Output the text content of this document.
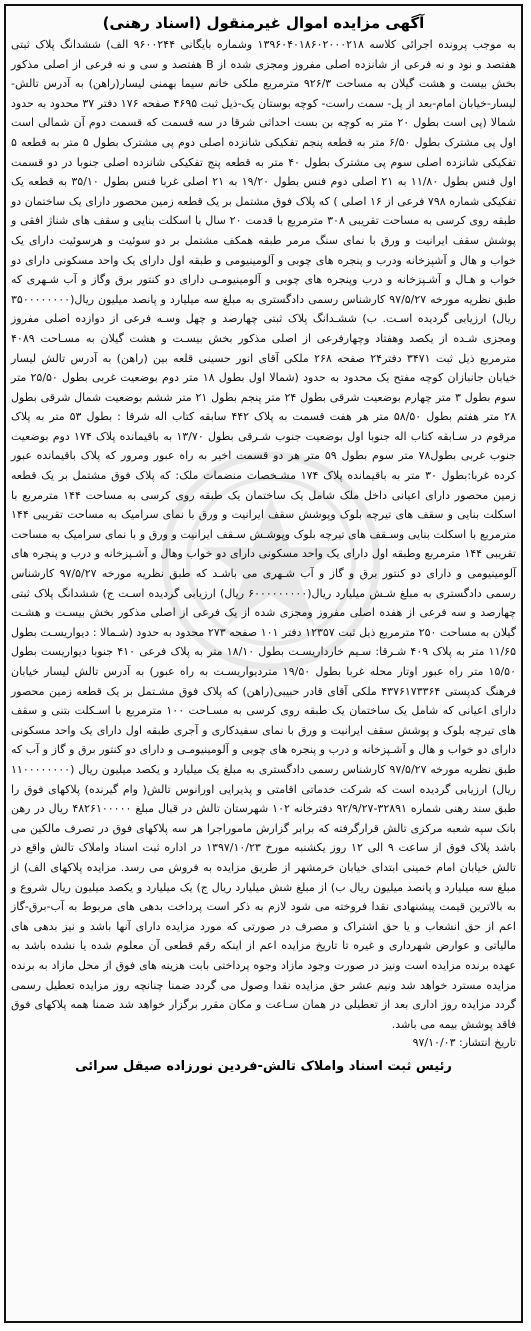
آگهی مزایده اموال غیرمنقول (اسناد رهنی)

به موجب پرونده اجرائی کلاسه ۱۳۹۶۰۴۰۱۸۶۰۲۰۰۰۲۱۸ وشماره بایگانی ۹۶۰۰۲۴۴ الف) ششدانگ پلاک ثبتی هفتصد و نود و نه فرعی از شانزده اصلی مفروز ومجزی شده از B هفتصد و سی و نه فرعی از اصلی مذکور بخش بیست و هشت گیلان به مساحت ۹۲۶/۳ مترمربع ملکی خانم سیما بهمنی لیسار(راهن) به آدرس تالش-لیسار-خیابان امام-بعد از پل- سمت راست- کوچه بوستان یک-ذیل ثبت ۴۶۹۵ صفحه ۱۷۶ دفتر ۳۷ محدود به حدود شمالا (پی است بطول ۲۰ متر به کوچه بن بست احداثی شرقا در سه قسمت که قسمت دوم آن شمالی است اول پی مشترک بطول ۶/۵۰ متر به قطعه پنجم تفکیکی شانزده اصلی دوم پی مشترک بطول ۵ متر به قطعه ۵ تفکیکی شانزده اصلی سوم پی مشترک بطول ۴۰ متر به قطعه پنج تفکیکی شانزده اصلی جنوبا در دو قسمت اول فنس بطول ۱۱/۸۰ به ۲۱ اصلی دوم فنس بطول ۱۹/۲۰ به ۲۱ اصلی غربا فنس بطول ۳۵/۱۰ به قطعه یک تفکیکی شماره ۷۹۸ فرعی از ۱۶ اصلی ) که پلاک فوق مشتمل بر یک قطعه زمین محصور دارای یک ساختمان دو طبقه روی کرسی به مساحت تقریبی ۳۰۸ مترمربع با قدمت ۲۰ سال با اسکلت بنایی و سقف های شناژ افقی و پوشش سقف ایرانیت و ورق با نمای سنگ مرمر طبقه همکف مشتمل بر دو سوئیت و هرسوئیت دارای یک خواب و هال و آشپزخانه ودرب و پنجره های چوبی و آلومینیومی و طبقه اول دارای یک واحد مسکونی دارای دو خواب و هـال و آشـپزخانه و درب وپنجره های چوبی و آلومینیومـی دارای دو کنتور برق وگاز و آب شـهری که طبق نظریه مورخه ۹۷/۵/۲۷ کارشناس رسمی دادگستری به مبلغ سه میلیارد و پانصد میلیون ریال(۳۵۰۰۰۰۰۰۰۰ ریال) ارزیابی گردیده اسـت. ب) ششـدانگ پلاک ثبتی چهارصد و چهل وسـه فرعی از دوازده اصلی مفروز ومجزی شـده از یکصد وهفتاد وچهارفرعی از اصلی مذکور بخش بیسـت و هشت گیلان به مسـاحت ۴۰۸۹ مترمربع ذیل ثبت ۳۴۷۱ دفتر۲۴ صفحه ۲۶۸ ملکی آقای انور حسینی قلعه بین (راهن) به آدرس تالش لیسار خیابان جانبازان کوچه مفتح یک محدود به حدود (شمالا اول بطول ۱۸ متر دوم بوضعیت غربی بطول ۲۵/۵۰ متر سوم بطول ۳ متر چهارم بوضعیت شرقی بطول ۲۴ متر پنجم بطول ۲۱ متر ششم بوضعیت شمال شرقی بطول ۲۸ متر هفتم بطول ۵۸/۵۰ متر هر هفت قسمت به پلاک ۴۴۲ سابقه کتاب اله شرقا : بطول ۵۳ متر به پلاک مرقوم در سـابقه کتاب اله جنوبا اول بوضعیت جنوب شـرقی بطول ۱۳/۷۰ به باقیمانده پلاک ۱۷۴ دوم بوضعیت جنوب غربی بطول۷۸ متر سوم بطول ۵۹ متر هر دو قسمت اخیر به راه عبور ومرور که پلاک باقیمانده عبور کرده غربا:بطول ۳۰ متر به باقیمانده پلاک ۱۷۴ مشـخصات منضمات ملک: که پلاک فوق مشتمل بر یک قطعه زمین محصور دارای اعیانی داخل ملک شامل یک ساختمان یک طبقه روی کرسی به مساحت ۱۴۴ مترمربع با اسکلت بنایی و سقف های تیرچه بلوک وپوشش سقف ایرانیت و ورق با نمای سرامیک به مساحت تقریبی ۱۴۴ مترمربع با اسکلت بنایی وسـقف های تیرچه بلوک وپوشـش سـقف ایرانیت و ورق و با نمای سرامیک به مساحت تقریبی ۱۴۴ مترمربع وطبقه اول دارای یک واحد مسکونی دارای دو خواب وهال و آشـپزخانه و درب و پنجره های آلومینیومی و دارای دو کنتور برق و گاز و آب شـهری می باشـد که طبق نظریه مورخه ۹۷/۵/۲۷ کارشناس رسمی دادگستری به مبلغ شـش میلیارد ریال(۶۰۰۰۰۰۰۰۰۰ ریال) ارزیابی گردیده اسـت ج) ششدانگ پلاک ثبتی چهارصد و سه فرعی از هفده اصلی مفروز ومجزی شده از یک فرعی از اصلی مذکور بخش بیسـت و هشـت گیلان به مساحت ۲۵۰ مترمربع ذیل ثبت ۱۲۳۵۷ دفتر ۱۰۱ صفحه ۲۷۳ محدود به حدود (شـمالا : دیواریسـت بطول ۱۱/۶۵ متر به پلاک ۴۰۹ شـرقا: سـیم خارداریسـت بطول ۱۸/۱۰ متر به پلاک فرعی ۴۱۰ جنوبا دیواریست بطول ۱۵/۵۰ متر راه عبور اوتار محله غربا بطول ۱۹/۵۰ متردیواریسـت به راه عبور) به آدرس تالش لیسار خیابان فرهنگ کدپستی ۴۳۷۶۱۷۳۳۶۴ ملکی آقای قادر حبیبی(راهن) که پلاک فوق مشـتمل بر یک قطعه زمین محصور دارای اعیانی که شامل یک ساختمان یک طبقه روی کرسی به مسـاحت ۱۰۰ مترمربع با اسـکلت بتنی و سقف های تیرچه بلوک و پوشش سقف ایرانیت و ورق با نمای سفیدکاری و آجری طبقه اول دارای یک واحد مسکونی دارای دو خواب و هال و آشـپزخانه و درب و پنجره های چوبی و آلومینیومـی و دارای دو کنتور برق و گاز و آب که طبق نظریه مورخه ۹۷/۵/۲۷ کارشناس رسمی دادگستری به مبلغ یک میلیارد و یکصد میلیون ریال (۱۱۰۰۰۰۰۰۰۰ ریال) ارزیابی گردیده است که شرکت خدماتی اقامتی و پذیرایی اورانوس تالش( وام گیرنده) پلاکهای فوق را طبق سند رهنی شماره ۳۲۸۹۱-۹۲/۹/۲۷ دفترخانه ۱۰۲ شهرستان تالش در قبال مبلغ ۴۸۲۶۱۰۰۰۰۰ ریال در رهن بانک سپه شعبه مرکزی تالش قرارگرفته که برابر گزارش ماموراجرا هر سه پلاکهای فوق در تصرف مالکین می باشد پلاک فوق از ساعت ۹ الی ۱۲ روز یکشنبه مورخ ۱۳۹۷/۱۰/۲۳ در اداره ثبت اسناد واملاک تالش واقع در تالش خیابان امام خمینی ابتدای خیابان خرمشهر از طریق مزایده به فروش می رسد. مزایده پلاکهای الف) از مبلغ سه میلیارد و پانصد میلیون ریال ب) از مبلغ شش میلیارد ریال ج) یک میلیارد و یکصد میلیون ریال شروع و به بالاترین قیمت پیشنهادی نقدا فروخته می شود لازم به ذکر است پرداخت بدهی های مربوط به آب-برق-گاز اعم از حق انشعاب و یا حق اشتراک و مصرف در صورتی که مورد مزایده دارای آنها باشد و نیز بدهی های مالیاتی و عوارض شهرداری و غیره تا تاریخ مزایده اعم از اینکه رقم قطعی آن معلوم شده یا نشده باشد به عهده برنده مزایده است ونیز در صورت وجود مازاد وجوه پرداختی بابت هزینه های فوق از محل مازاد به برنده مزایده مسترد خواهد شد ونیم عشر حق مزایده نقدا وصول می گردد ضمنا چنانچه روز مزایده تعطیل رسمی گردد مزایده روز اداری بعد از تعطیلی در همان سـاعت و مکان مقرر برگزار خواهد شد ضمنا همه پلاکهای فوق فاقد پوشش بیمه می باشد.

تاریخ انتشار: ۹۷/۱۰/۰۳

رئیس ثبت اسناد واملاک تالش-فردین نورزاده صیقل سرائی
